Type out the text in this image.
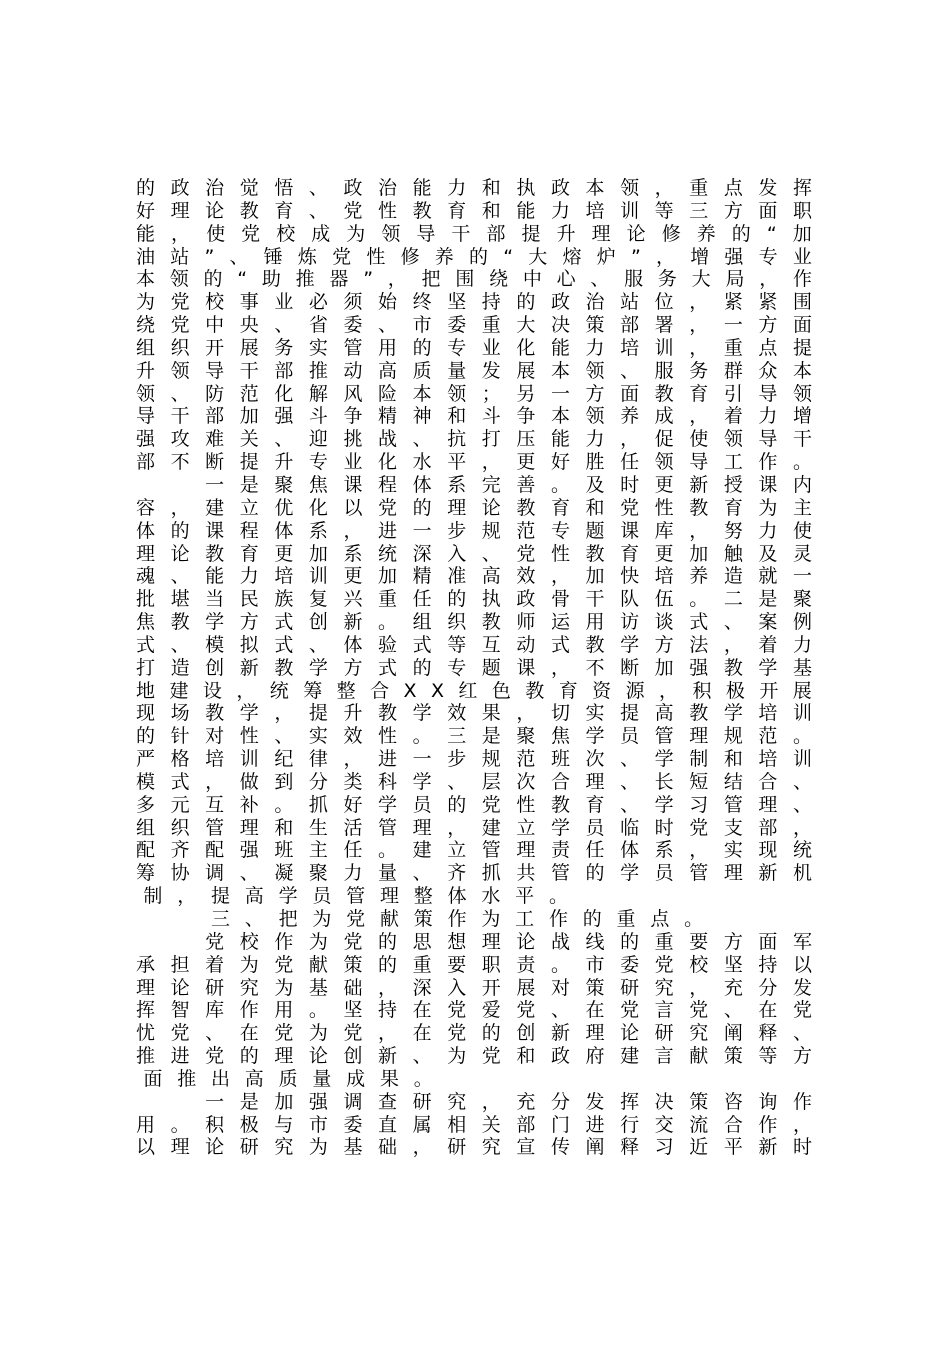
的 政 治 觉 悟 、 政 治 能 力 和 执 政 本 领 ， 重 点 发 挥
好 理 论 教 育 、 党 性 教 育 和 能 力 培 训 等 三 方 面 职
能 ， 使 党 校 成 为 领 导 干 部 提 升 理 论 修 养 的 “ 加
油 站 ” 、 锤 炼 党 性 修 养 的 “ 大 熔 炉 ” ， 增 强 专 业
本 领 的 “ 助 推 器 ” ， 把 围 绕 中 心 、 服 务 大 局 ， 作
为 党 校 事 业 必 须 始 终 坚 持 的 政 治 站 位 ， 紧 紧 围
绕 党 中 央 、 省 委 、 市 委 重 大 决 策 部 署 ， 一 方 面
组 织 开 展 务 实 管 用 的 专 业 化 能 力 培 训 ， 重 点 提
升 领 导 干 部 推 动 高 质 量 发 展 本 领 、 服 务 群 众 本
领 、 防 范 化 解 风 险 本 领 ； 另 一 方 面 教 育 引 导 领
导 干 部 加 强 斗 争 精 神 和 斗 争 本 领 养 成 ， 着 力 增
强 攻 难 关 、 迎 挑 战 、 抗 打 压 能 力 ， 促 使 领 导 干
部 不 断 提 升 专 业 化 水 平 ， 更 好 胜 任 领 导 工 作 。

一 是 聚 焦 课 程 体 系 完 善 。 及 时 更 新 授 课 内
容 ， 建 立 优 化 以 党 的 理 论 教 育 和 党 性 教 育 为 主
体 的 课 程 体 系 ， 进 一 步 规 范 专 题 课 库 ， 努 力 使
理 论 教 育 更 加 系 统 深 入 、 党 性 教 育 更 加 触 及 灵
魂 、 能 力 培 训 更 加 精 准 高 效 ， 加 快 培 养 造 就 一
批 堪 当 民 族 复 兴 重 任 的 执 政 骨 干 队 伍 。 二 是 聚
焦 教 学 方 式 创 新 。 组 织 教 师 运 用 访 谈 式 、 案 例
式 、 模 拟 式 、 体 验 式 等 互 动 式 教 学 方 法 ， 着 力
打 造 创 新 教 学 方 式 的 专 题 课 ， 不 断 加 强 教 学 基
地 建 设 ， 统 筹 整 合 X X 红 色 教 育 资 源 ， 积 极 开 展
现 场 教 学 ， 提 升 教 学 效 果 ， 切 实 提 高 教 学 培 训
的 针 对 性 、 实 效 性 。 三 是 聚 焦 学 员 管 理 规 范 。
严 格 培 训 纪 律 ， 进 一 步 规 范 班 次 、 学 制 和 培 训
模 式 ， 做 到 分 类 科 学 、 层 次 合 理 、 长 短 结 合 、
多 元 互 补 。 抓 好 学 员 的 党 性 教 育 、 学 习 管 理 、
组 织 管 理 和 生 活 管 理 ， 建 立 学 员 临 时 党 支 部 ，
配 齐 配 强 班 主 任 。 建 立 管 理 责 任 体 系 ， 实 现 统
筹 协 调 、 凝 聚 力 量 、 齐 抓 共 管 的 学 员 管 理 新 机
制 ， 提 高 学 员 管 理 整 体 水 平 。

三 、 把 为 党 献 策 作 为 工 作 的 重 点 。

党 校 作 为 党 的 思 想 理 论 战 线 的 重 要 方 面 军
承 担 着 为 党 献 策 的 重 要 职 责 。 市 委 党 校 坚 持 以
理 论 研 究 为 基 础 ， 深 入 开 展 对 策 研 究 ， 充 分 发
挥 智 库 作 用 。 坚 持 在 党 爱 党 、 在 党 言 党 、 在 党
忧 党 、 在 党 为 党 ， 在 党 的 创 新 理 论 研 究 阐 释 、
推 进 党 的 理 论 创 新 、 为 党 和 政 府 建 言 献 策 等 方
面 推 出 高 质 量 成 果 。

一 是 加 强 调 查 研 究 ， 充 分 发 挥 决 策 咨 询 作
用 。 积 极 与 市 委 直 属 相 关 部 门 进 行 交 流 合 作 ，
以 理 论 研 究 为 基 础 ， 研 究 宣 传 阐 释 习 近 平 新 时
